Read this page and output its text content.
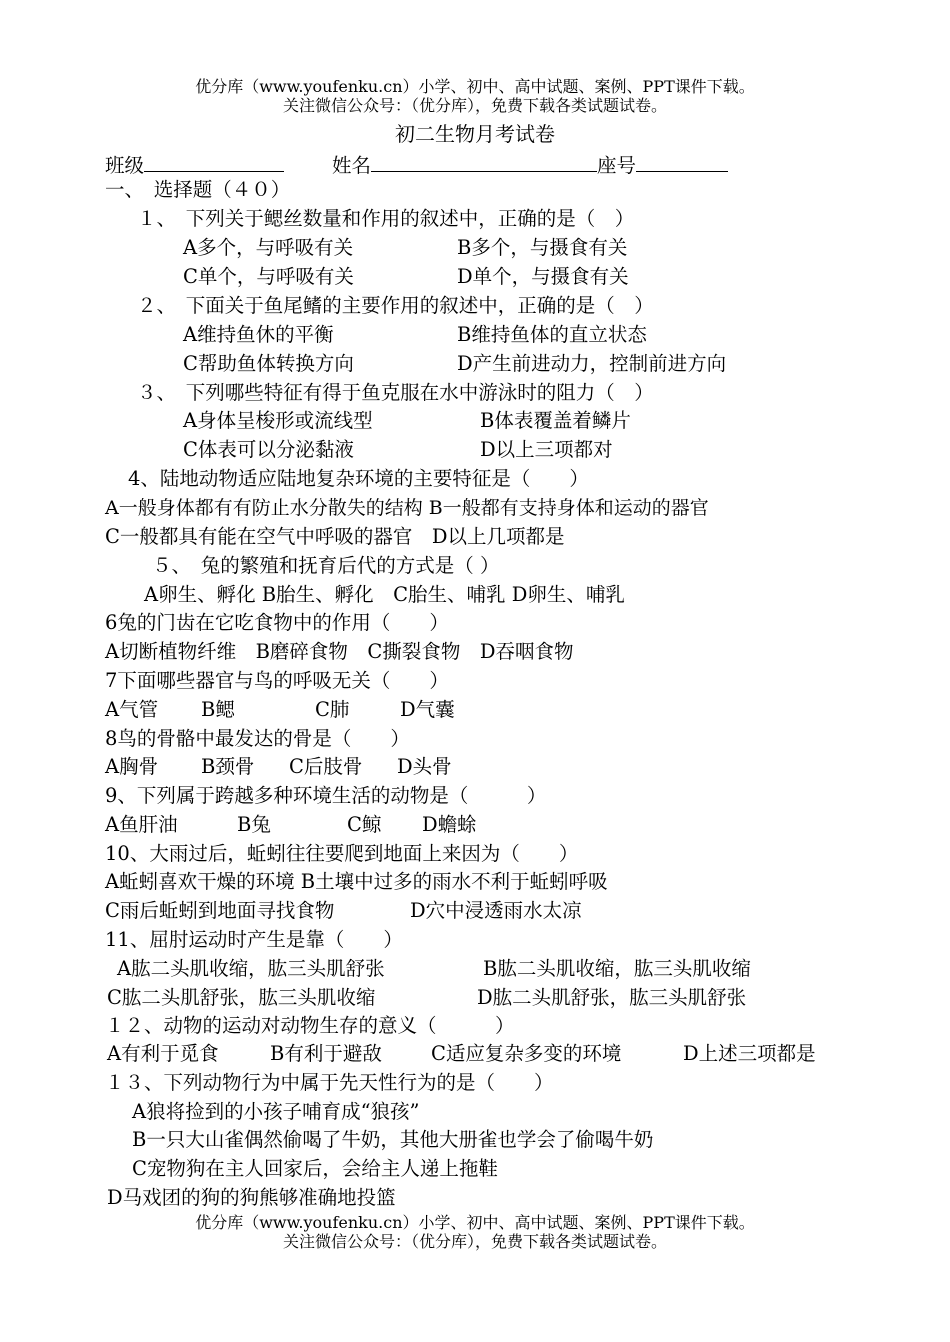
优分库（www.youfenku.cn）小学、初中、高中试题、案例、PPT课件下载。
关注微信公众号：（优分库），免费下载各类试题试卷。
初二生物月考试卷
班级	姓名	座号
一、　选择题（４０）
１、　下列关于鳃丝数量和作用的叙述中，正确的是（　）
A多个，与呼吸有关	B多个，与摄食有关
C单个，与呼吸有关	D单个，与摄食有关
２、　下面关于鱼尾鳍的主要作用的叙述中，正确的是（　）
A维持鱼休的平衡	B维持鱼体的直立状态
C帮助鱼体转换方向	D产生前进动力，控制前进方向
３、　下列哪些特征有得于鱼克服在水中游泳时的阻力（　）
A身体呈梭形或流线型	B体表覆盖着鳞片
C体表可以分泌黏液	D以上三项都对
4、陆地动物适应陆地复杂环境的主要特征是（　　）
A一般身体都有有防止水分散失的结构 B一般都有支持身体和运动的器官
C一般都具有能在空气中呼吸的器官　D以上几项都是
５、　兔的繁殖和抚育后代的方式是（ ）
A卵生、孵化 B胎生、孵化　C胎生、哺乳 D卵生、哺乳
6兔的门齿在它吃食物中的作用（　　）
A切断植物纤维　B磨碎食物　C撕裂食物　D吞咽食物
7下面哪些器官与鸟的呼吸无关（　　）
A气管 B鳃	C肺	D气囊
8鸟的骨骼中最发达的骨是（　　）
A胸骨 B颈骨 C后肢骨 D头骨
9、下列属于跨越多种环境生活的动物是（　　　）
A鱼肝油	B兔	C鲸 D蟾蜍
10、大雨过后，蚯蚓往往要爬到地面上来因为（　　）
A蚯蚓喜欢干燥的环境 B土壤中过多的雨水不利于蚯蚓呼吸
C雨后蚯蚓到地面寻找食物	D穴中浸透雨水太凉
11、屈肘运动时产生是靠（　　）
A肱二头肌收缩，肱三头肌舒张	B肱二头肌收缩，肱三头肌收缩
C肱二头肌舒张，肱三头肌收缩	D肱二头肌舒张，肱三头肌舒张
１２、动物的运动对动物生存的意义（　　　）
A有利于觅食	B有利于避敌	C适应复杂多变的环境	D上述三项都是
１３、下列动物行为中属于先天性行为的是（　　）
A狼将捡到的小孩子哺育成“狼孩”
B一只大山雀偶然偷喝了牛奶，其他大册雀也学会了偷喝牛奶
C宠物狗在主人回家后，会给主人递上拖鞋
D马戏团的狗的狗熊够准确地投篮
优分库（www.youfenku.cn）小学、初中、高中试题、案例、PPT课件下载。
关注微信公众号：（优分库），免费下载各类试题试卷。
